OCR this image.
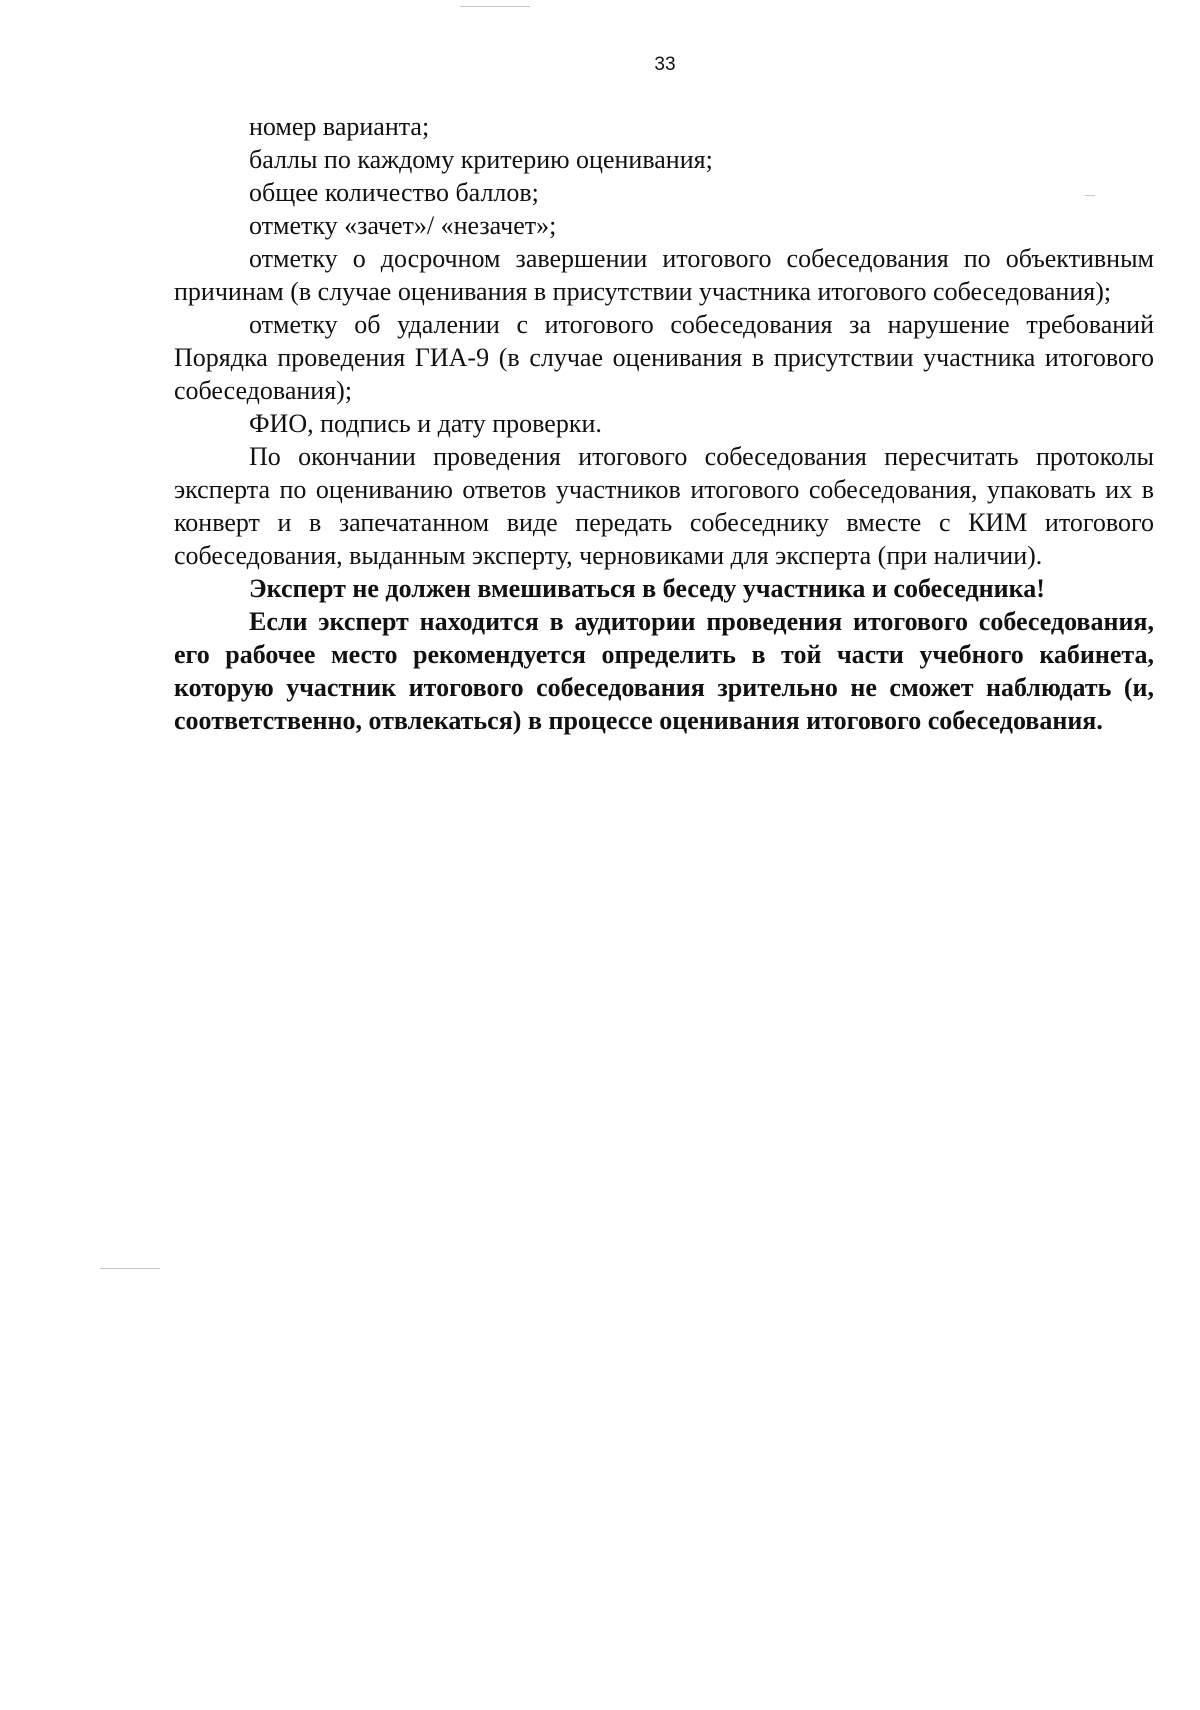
33

номер варианта;

баллы по каждому критерию оценивания;

общее количество баллов;

отметку «зачет»/ «незачет»;

отметку о досрочном завершении итогового собеседования по объективным причинам (в случае оценивания в присутствии участника итогового собеседования);

отметку об удалении с итогового собеседования за нарушение требований Порядка проведения ГИА-9 (в случае оценивания в присутствии участника итогового собеседования);

ФИО, подпись и дату проверки.

По окончании проведения итогового собеседования пересчитать протоколы эксперта по оцениванию ответов участников итогового собеседования, упаковать их в конверт и в запечатанном виде передать собеседнику вместе с КИМ итогового собеседования, выданным эксперту, черновиками для эксперта (при наличии).

Эксперт не должен вмешиваться в беседу участника и собеседника!

Если эксперт находится в аудитории проведения итогового собеседования, его рабочее место рекомендуется определить в той части учебного кабинета, которую участник итогового собеседования зрительно не сможет наблюдать (и, соответственно, отвлекаться) в процессе оценивания итогового собеседования.
